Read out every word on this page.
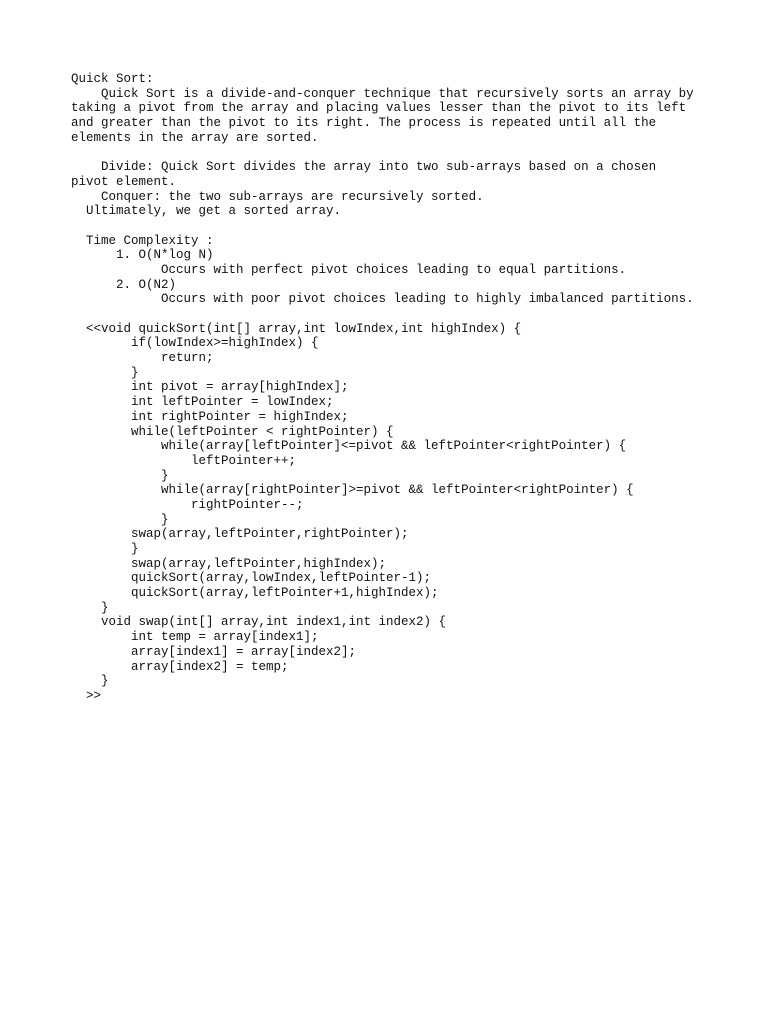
Quick Sort:
Quick Sort is a divide-and-conquer technique that recursively sorts an array by
taking a pivot from the array and placing values lesser than the pivot to its left
and greater than the pivot to its right. The process is repeated until all the
elements in the array are sorted.
Divide: Quick Sort divides the array into two sub-arrays based on a chosen
pivot element.
Conquer: the two sub-arrays are recursively sorted.
Ultimately, we get a sorted array.
Time Complexity :
1. O(N*log N)
Occurs with perfect pivot choices leading to equal partitions.
2. O(N2)
Occurs with poor pivot choices leading to highly imbalanced partitions.
<<void quickSort(int[] array,int lowIndex,int highIndex) {
if(lowIndex>=highIndex) {
return;
}
int pivot = array[highIndex];
int leftPointer = lowIndex;
int rightPointer = highIndex;
while(leftPointer < rightPointer) {
while(array[leftPointer]<=pivot && leftPointer<rightPointer) {
leftPointer++;
}
while(array[rightPointer]>=pivot && leftPointer<rightPointer) {
rightPointer--;
}
swap(array,leftPointer,rightPointer);
}
swap(array,leftPointer,highIndex);
quickSort(array,lowIndex,leftPointer-1);
quickSort(array,leftPointer+1,highIndex);
}
void swap(int[] array,int index1,int index2) {
int temp = array[index1];
array[index1] = array[index2];
array[index2] = temp;
}
>>
